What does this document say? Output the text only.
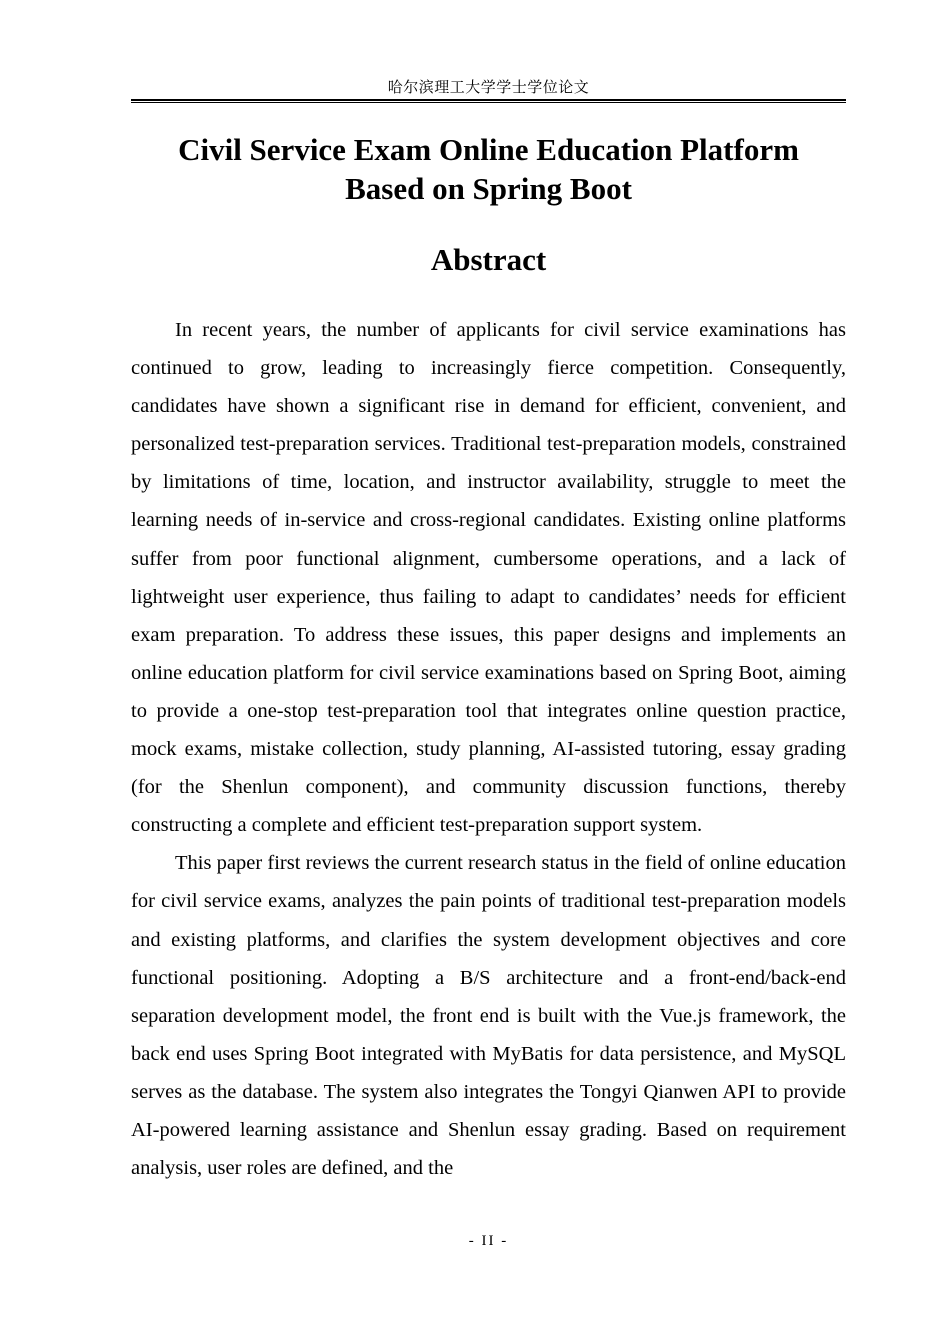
哈尔滨理工大学学士学位论文
Civil Service Exam Online Education Platform
Based on Spring Boot
Abstract

In recent years, the number of applicants for civil service examinations has continued to grow, leading to increasingly fierce competition. Consequently, candidates have shown a significant rise in demand for efficient, convenient, and personalized test-preparation services. Traditional test-preparation models, constrained by limitations of time, location, and instructor availability, struggle to meet the learning needs of in-service and cross-regional candidates. Existing online platforms suffer from poor functional alignment, cumbersome operations, and a lack of lightweight user experience, thus failing to adapt to candidates’ needs for efficient exam preparation. To address these issues, this paper designs and implements an online education platform for civil service examinations based on Spring Boot, aiming to provide a one-stop test-preparation tool that integrates online question practice, mock exams, mistake collection, study planning, AI-assisted tutoring, essay grading (for the Shenlun component), and community discussion functions, thereby constructing a complete and efficient test-preparation support system.

This paper first reviews the current research status in the field of online education for civil service exams, analyzes the pain points of traditional test-preparation models and existing platforms, and clarifies the system development objectives and core functional positioning. Adopting a B/S architecture and a front-end/back-end separation development model, the front end is built with the Vue.js framework, the back end uses Spring Boot integrated with MyBatis for data persistence, and MySQL serves as the database. The system also integrates the Tongyi Qianwen API to provide AI-powered learning assistance and Shenlun essay grading. Based on requirement analysis, user roles are defined, and the

- II -
